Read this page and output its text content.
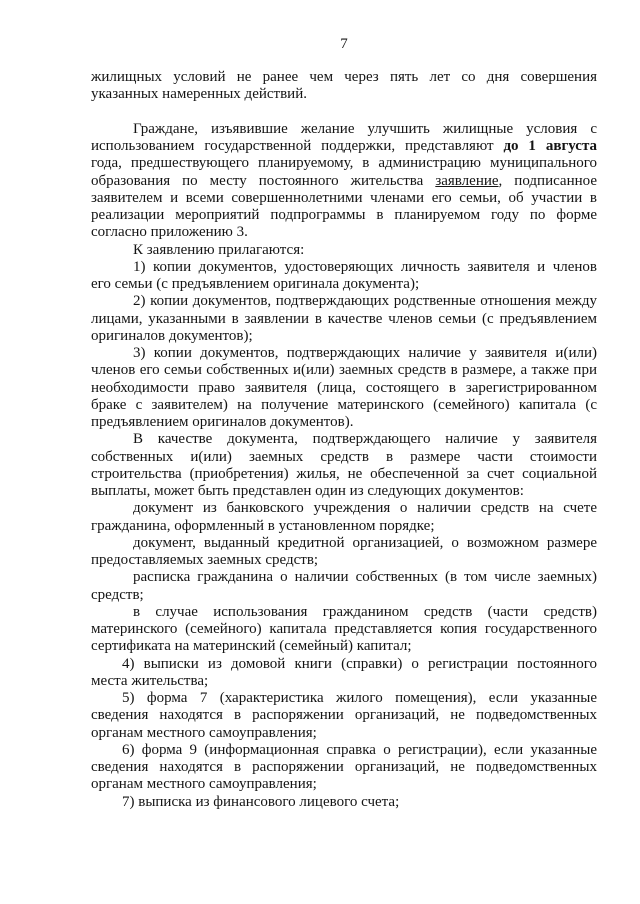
7
жилищных условий не ранее чем через пять лет со дня совершения
указанных намеренных действий.
Граждане, изъявившие желание улучшить жилищные условия с
использованием государственной поддержки, представляют до 1 августа
года, предшествующего планируемому, в администрацию муниципального
образования по месту постоянного жительства заявление, подписанное
заявителем и всеми совершеннолетними членами его семьи, об участии в
реализации мероприятий подпрограммы в планируемом году по форме
согласно приложению 3.
К заявлению прилагаются:
1) копии документов, удостоверяющих личность заявителя и членов
его семьи (с предъявлением оригинала документа);
2) копии документов, подтверждающих родственные отношения между
лицами, указанными в заявлении в качестве членов семьи (с предъявлением
оригиналов документов);
3) копии документов, подтверждающих наличие у заявителя и(или)
членов его семьи собственных и(или) заемных средств в размере, а также при
необходимости право заявителя (лица, состоящего в зарегистрированном
браке с заявителем) на получение материнского (семейного) капитала (с
предъявлением оригиналов документов).
В качестве документа, подтверждающего наличие у заявителя
собственных и(или) заемных средств в размере части стоимости
строительства (приобретения) жилья, не обеспеченной за счет социальной
выплаты, может быть представлен один из следующих документов:
документ из банковского учреждения о наличии средств на счете
гражданина, оформленный в установленном порядке;
документ, выданный кредитной организацией, о возможном размере
предоставляемых заемных средств;
расписка гражданина о наличии собственных (в том числе заемных)
средств;
в случае использования гражданином средств (части средств)
материнского (семейного) капитала представляется копия государственного
сертификата на материнский (семейный) капитал;
4) выписки из домовой книги (справки) о регистрации постоянного
места жительства;
5) форма 7 (характеристика жилого помещения), если указанные
сведения находятся в распоряжении организаций, не подведомственных
органам местного самоуправления;
6) форма 9 (информационная справка о регистрации), если указанные
сведения находятся в распоряжении организаций, не подведомственных
органам местного самоуправления;
7) выписка из финансового лицевого счета;
